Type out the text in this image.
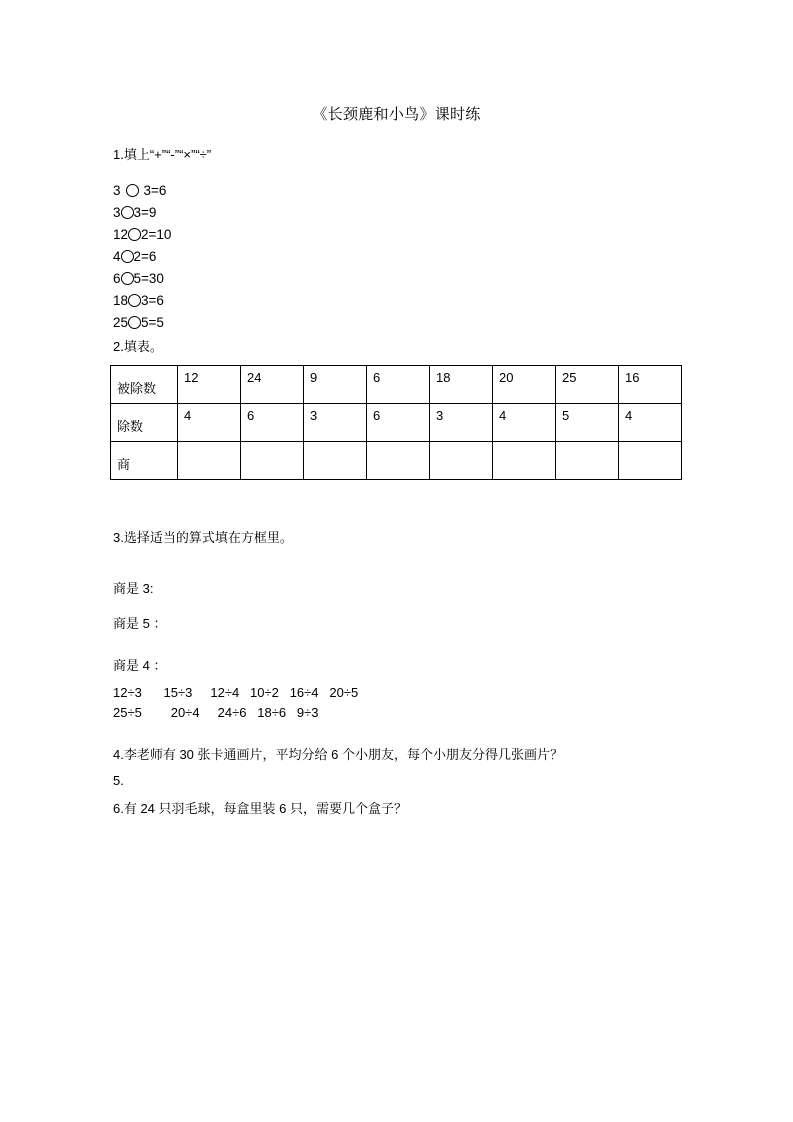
《长颈鹿和小鸟》课时练
1.填上“+”“-”“×”“÷”
3 3=6
3 3=9
12 2=10
4 2=6
6 5=30
18 3=6
25 5=5
2.填表。
被除数	12	24	9	6	18	20	25	16
除数	4	6	3	6	3	4	5	4
商								
3.选择适当的算式填在方框里。
商是 3:
商是 5 ：
商是 4 ：
12÷3      15÷3     12÷4   10÷2   16÷4   20÷5
25÷5        20÷4     24÷6   18÷6   9÷3
4.李老师有 30 张卡通画片，平均分给 6 个小朋友，每个小朋友分得几张画片？
5.
6.有 24 只羽毛球，每盒里装 6 只，需要几个盒子？
